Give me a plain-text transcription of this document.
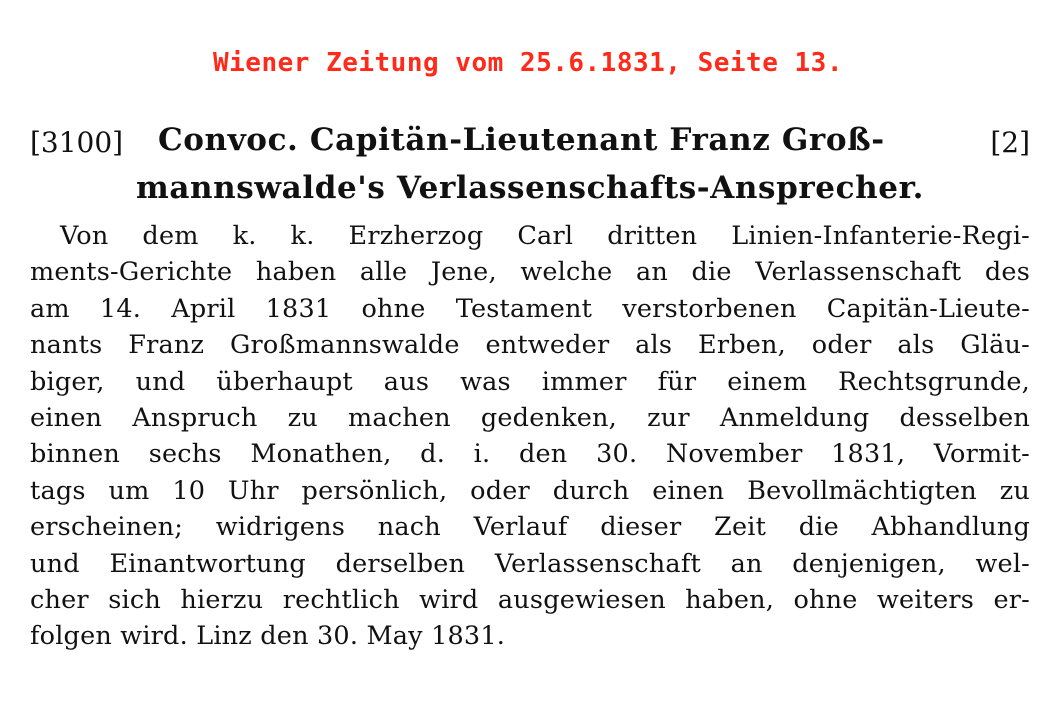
Wiener Zeitung vom 25.6.1831, Seite 13.
[3100] Convoc. Capitän-Lieutenant Franz Groß-	[2]
mannswalde's Verlassenschafts-Ansprecher.
Von dem k. k. Erzherzog Carl dritten Linien-Infanterie-Regi-
ments-Gerichte haben alle Jene, welche an die Verlassenschaft des
am 14. April 1831 ohne Testament verstorbenen Capitän-Lieute-
nants Franz Großmannswalde entweder als Erben, oder als Gläu-
biger, und überhaupt aus was immer für einem Rechtsgrunde,
einen Anspruch zu machen gedenken, zur Anmeldung desselben
binnen sechs Monathen, d. i. den 30. November 1831, Vormit-
tags um 10 Uhr persönlich, oder durch einen Bevollmächtigten zu
erscheinen; widrigens nach Verlauf dieser Zeit die Abhandlung
und Einantwortung derselben Verlassenschaft an denjenigen, wel-
cher sich hierzu rechtlich wird ausgewiesen haben, ohne weiters er-
folgen wird. Linz den 30. May 1831.
